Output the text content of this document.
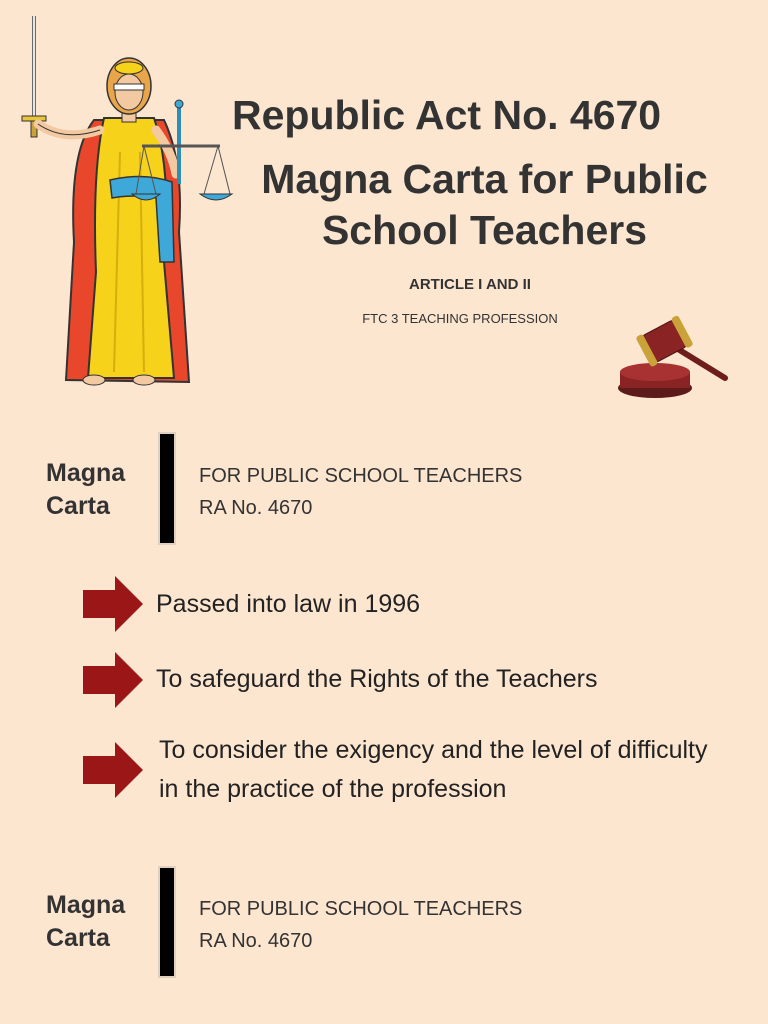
Republic Act No. 4670
Magna Carta for Public School Teachers
ARTICLE I AND II
FTC 3 TEACHING PROFESSION
Magna Carta
FOR PUBLIC SCHOOL TEACHERS
RA No. 4670
Passed into law in 1996
To safeguard the Rights of the Teachers
To consider the exigency and the level of difficulty in the practice of the profession
Magna Carta
FOR PUBLIC SCHOOL TEACHERS
RA No. 4670
